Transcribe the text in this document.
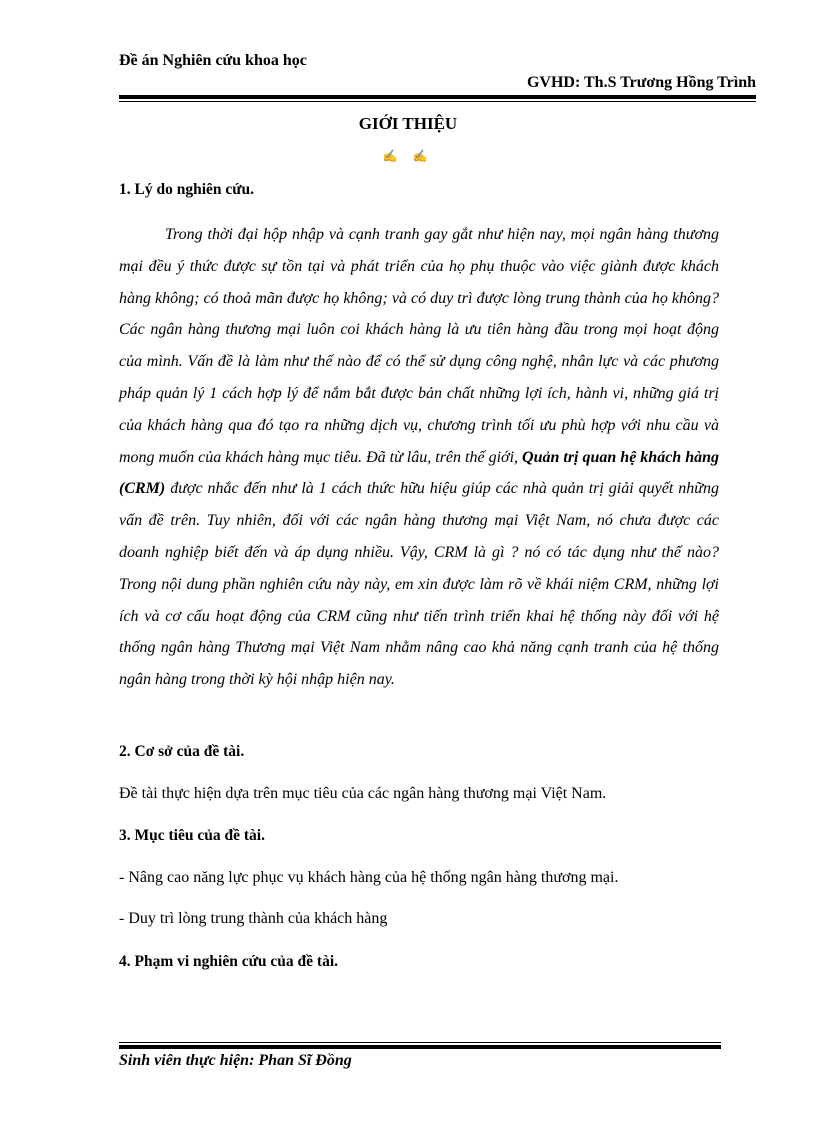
Đề án Nghiên cứu khoa học
GVHD: Th.S Trương Hồng Trình
GIỚI THIỆU
✍ ✍
1. Lý do nghiên cứu.

Trong thời đại hộp nhập và cạnh tranh gay gắt như hiện nay, mọi ngân hàng thương mại đều ý thức được sự tồn tại và phát triển của họ phụ thuộc vào việc giành được khách hàng không; có thoả mãn được họ không; và có duy trì được lòng trung thành của họ không? Các ngân hàng thương mại luôn coi khách hàng là ưu tiên hàng đầu trong mọi hoạt động của mình. Vấn đề là làm như thế nào để có thể sử dụng công nghệ, nhân lực và các phương pháp quản lý 1 cách hợp lý để nắm bắt được bản chất những lợi ích, hành vi, những giá trị của khách hàng qua đó tạo ra những dịch vụ, chương trình tối ưu phù hợp với nhu cầu và mong muốn của khách hàng mục tiêu. Đã từ lâu, trên thế giới, Quản trị quan hệ khách hàng (CRM) được nhắc đến như là 1 cách thức hữu hiệu giúp các nhà quản trị giải quyết những vấn đề trên. Tuy nhiên, đối với các ngân hàng thương mại Việt Nam, nó chưa được các doanh nghiệp biết đến và áp dụng nhiều. Vậy, CRM là gì ? nó có tác dụng như thế nào? Trong nội dung phần nghiên cứu này này, em xin được làm rõ về khái niệm CRM, những lợi ích và cơ cấu hoạt động của CRM cũng như tiến trình triển khai hệ thống này đối với hệ thống ngân hàng Thương mại Việt Nam nhằm nâng cao khả năng cạnh tranh của hệ thống ngân hàng trong thời kỳ hội nhập hiện nay.

2. Cơ sở của đề tài.
Đề tài thực hiện dựa trên mục tiêu của các ngân hàng thương mại Việt Nam.
3. Mục tiêu của đề tài.
- Nâng cao năng lực phục vụ khách hàng của hệ thống ngân hàng thương mại.
- Duy trì lòng trung thành của khách hàng
4. Phạm vi nghiên cứu của đề tài.
Sinh viên thực hiện: Phan Sĩ Đồng
